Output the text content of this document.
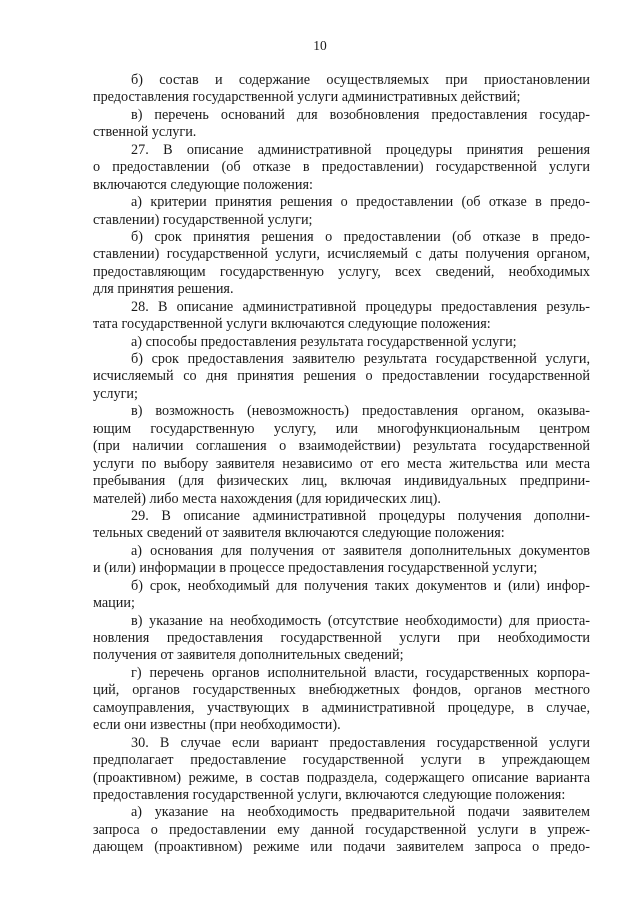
10
б) состав и содержание осуществляемых при приостановлении
предоставления государственной услуги административных действий;
в) перечень оснований для возобновления предоставления государ-
ственной услуги.
27. В описание административной процедуры принятия решения
о предоставлении (об отказе в предоставлении) государственной услуги
включаются следующие положения:
а) критерии принятия решения о предоставлении (об отказе в предо-
ставлении) государственной услуги;
б) срок принятия решения о предоставлении (об отказе в предо-
ставлении) государственной услуги, исчисляемый с даты получения органом,
предоставляющим государственную услугу, всех сведений, необходимых
для принятия решения.
28. В описание административной процедуры предоставления резуль-
тата государственной услуги включаются следующие положения:
а) способы предоставления результата государственной услуги;
б) срок предоставления заявителю результата государственной услуги,
исчисляемый со дня принятия решения о предоставлении государственной
услуги;
в) возможность (невозможность) предоставления органом, оказыва-
ющим государственную услугу, или многофункциональным центром
(при наличии соглашения о взаимодействии) результата государственной
услуги по выбору заявителя независимо от его места жительства или места
пребывания (для физических лиц, включая индивидуальных предприни-
мателей) либо места нахождения (для юридических лиц).
29. В описание административной процедуры получения дополни-
тельных сведений от заявителя включаются следующие положения:
а) основания для получения от заявителя дополнительных документов
и (или) информации в процессе предоставления государственной услуги;
б) срок, необходимый для получения таких документов и (или) инфор-
мации;
в) указание на необходимость (отсутствие необходимости) для приоста-
новления предоставления государственной услуги при необходимости
получения от заявителя дополнительных сведений;
г) перечень органов исполнительной власти, государственных корпора-
ций, органов государственных внебюджетных фондов, органов местного
самоуправления, участвующих в административной процедуре, в случае,
если они известны (при необходимости).
30. В случае если вариант предоставления государственной услуги
предполагает предоставление государственной услуги в упреждающем
(проактивном) режиме, в состав подраздела, содержащего описание варианта
предоставления государственной услуги, включаются следующие положения:
а) указание на необходимость предварительной подачи заявителем
запроса о предоставлении ему данной государственной услуги в упреж-
дающем (проактивном) режиме или подачи заявителем запроса о предо-
